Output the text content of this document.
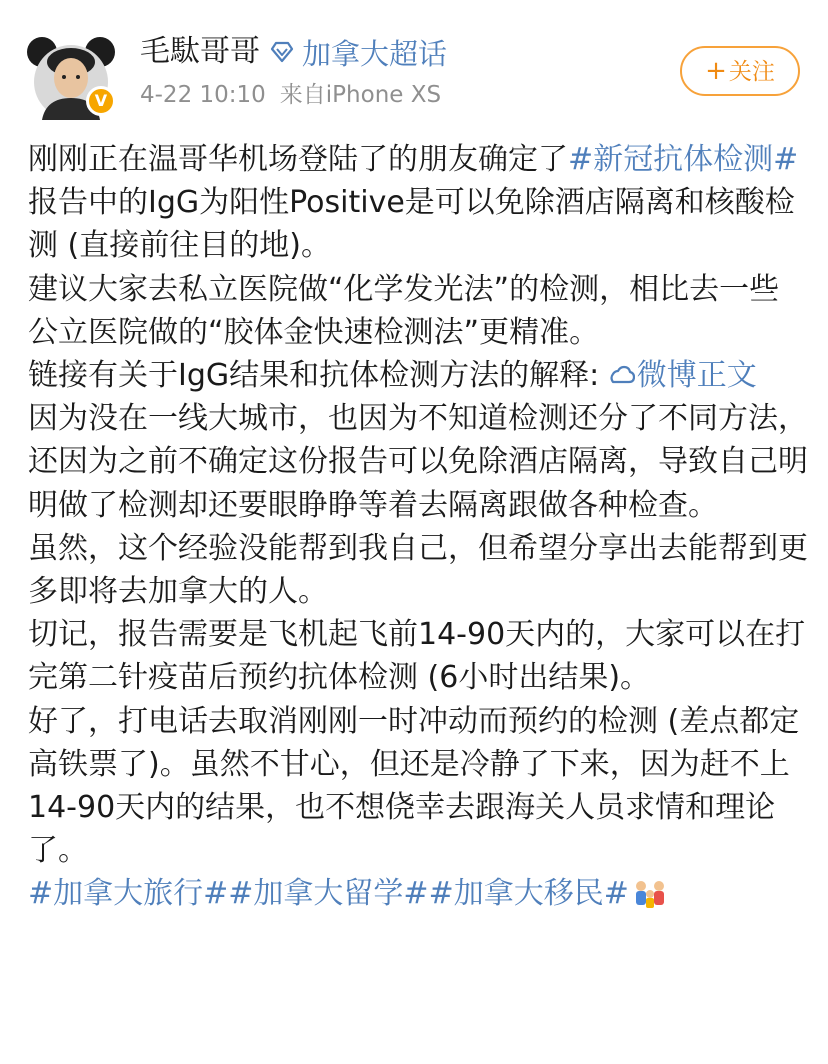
V
毛駄哥哥 加拿大超话
4-22 10:10 来自iPhone XS
+关注

刚刚正在温哥华机场登陆了的朋友确定了#新冠抗体检测#报告中的IgG为阳性Positive是可以免除酒店隔离和核酸检测 (直接前往目的地)。

建议大家去私立医院做“化学发光法”的检测，相比去一些公立医院做的“胶体金快速检测法”更精准。

链接有关于IgG结果和抗体检测方法的解释: 微博正文

因为没在一线大城市，也因为不知道检测还分了不同方法，还因为之前不确定这份报告可以免除酒店隔离，导致自己明明做了检测却还要眼睁睁等着去隔离跟做各种检查。

虽然，这个经验没能帮到我自己，但希望分享出去能帮到更多即将去加拿大的人。

切记，报告需要是飞机起飞前14-90天内的，大家可以在打完第二针疫苗后预约抗体检测 (6小时出结果)。

好了，打电话去取消刚刚一时冲动而预约的检测 (差点都定高铁票了)。虽然不甘心，但还是冷静了下来，因为赶不上14-90天内的结果，也不想侥幸去跟海关人员求情和理论了。

#加拿大旅行##加拿大留学##加拿大移民#
